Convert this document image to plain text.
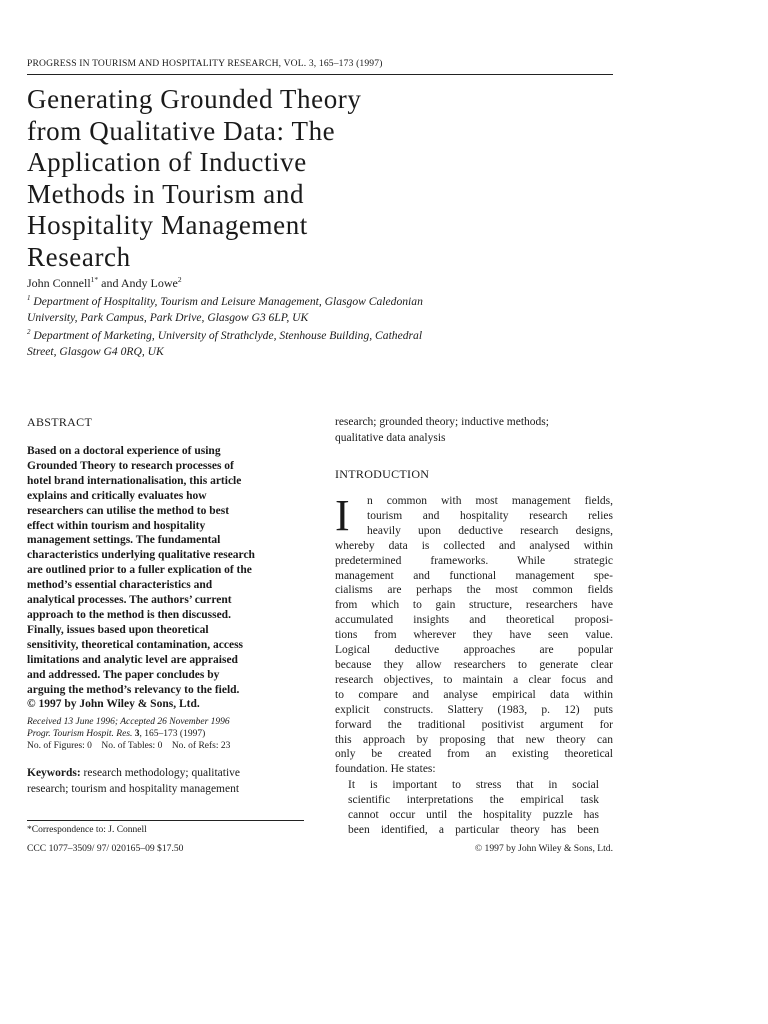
PROGRESS IN TOURISM AND HOSPITALITY RESEARCH, VOL. 3, 165–173 (1997)
Generating Grounded Theory
from Qualitative Data: The
Application of Inductive
Methods in Tourism and
Hospitality Management
Research
John Connell$^{1*}$ and Andy Lowe$^2$
$^1$ Department of Hospitality, Tourism and Leisure Management, Glasgow Caledonian
University, Park Campus, Park Drive, Glasgow G3 6LP, UK
$^2$ Department of Marketing, University of Strathclyde, Stenhouse Building, Cathedral
Street, Glasgow G4 0RQ, UK
ABSTRACT
Based on a doctoral experience of using
Grounded Theory to research processes of
hotel brand internationalisation, this article
explains and critically evaluates how
researchers can utilise the method to best
effect within tourism and hospitality
management settings. The fundamental
characteristics underlying qualitative research
are outlined prior to a fuller explication of the
method’s essential characteristics and
analytical processes. The authors’ current
approach to the method is then discussed.
Finally, issues based upon theoretical
sensitivity, theoretical contamination, access
limitations and analytic level are appraised
and addressed. The paper concludes by
arguing the method’s relevancy to the field.
© 1997 by John Wiley & Sons, Ltd.
Received 13 June 1996; Accepted 26 November 1996
Progr. Tourism Hospit. Res. 3, 165–173 (1997)
No. of Figures: 0    No. of Tables: 0    No. of Refs: 23
Keywords: research methodology; qualitative
research; tourism and hospitality management
*Correspondence to: J. Connell
CCC 1077–3509/ 97/ 020165–09 $17.50
research; grounded theory; inductive methods;
qualitative data analysis
INTRODUCTION
I	n common with most management fields,
tourism and hospitality research relies
heavily upon deductive research designs,
whereby data is collected and analysed within
predetermined frameworks. While strategic
management and functional management spe-
cialisms are perhaps the most common fields
from which to gain structure, researchers have
accumulated insights and theoretical proposi-
tions from wherever they have seen value.
Logical deductive approaches are popular
because they allow researchers to generate clear
research objectives, to maintain a clear focus and
to compare and analyse empirical data within
explicit constructs. Slattery (1983, p. 12) puts
forward the traditional positivist argument for
this approach by proposing that new theory can
only be created from an existing theoretical
foundation. He states:
It is important to stress that in social
scientific interpretations the empirical task
cannot occur until the hospitality puzzle has
been identified, a particular theory has been
© 1997 by John Wiley & Sons, Ltd.
